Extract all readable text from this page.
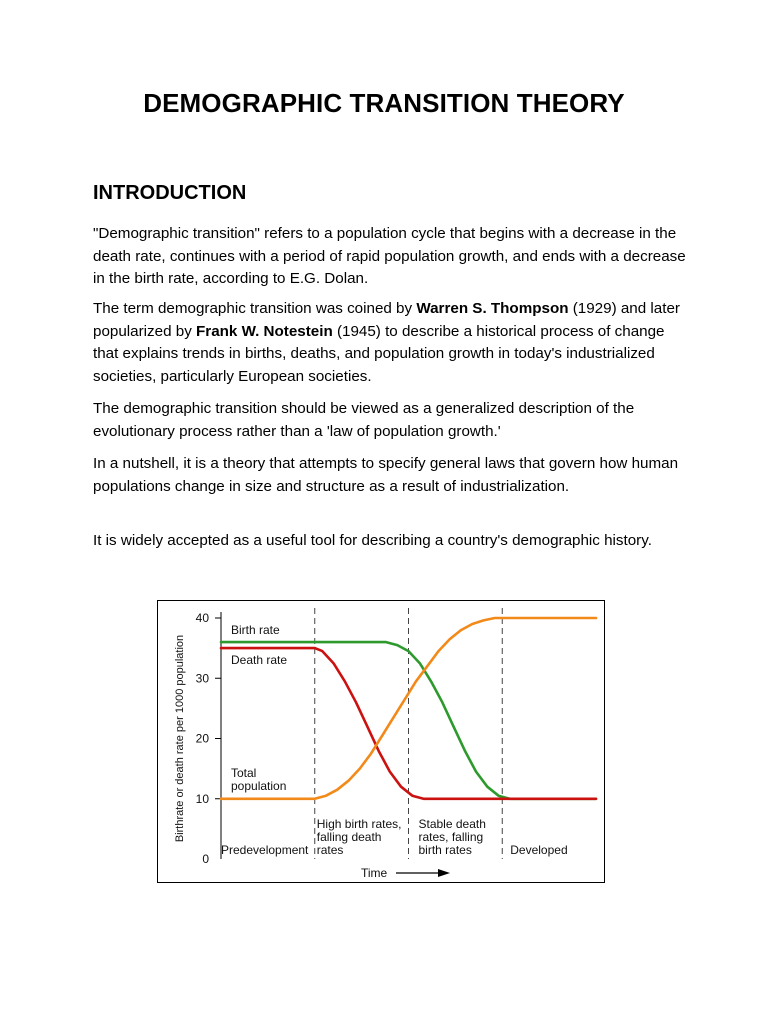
DEMOGRAPHIC TRANSITION THEORY
INTRODUCTION
"Demographic transition" refers to a population cycle that begins with a decrease in the death rate, continues with a period of rapid population growth, and ends with a decrease in the birth rate, according to E.G. Dolan.
The term demographic transition was coined by Warren S. Thompson (1929) and later popularized by Frank W. Notestein (1945) to describe a historical process of change that explains trends in births, deaths, and population growth in today's industrialized societies, particularly European societies.
The demographic transition should be viewed as a generalized description of the evolutionary process rather than a 'law of population growth.'
In a nutshell, it is a theory that attempts to specify general laws that govern how human populations change in size and structure as a result of industrialization.
It is widely accepted as a useful tool for describing a country's demographic history.
0
10
20
30
40
Birthrate or death rate per 1000 population
Birth rate
Death rate
Total
population
Predevelopment
High birth rates,
falling death
rates
Stable death
rates, falling
birth rates	Developed
Time
